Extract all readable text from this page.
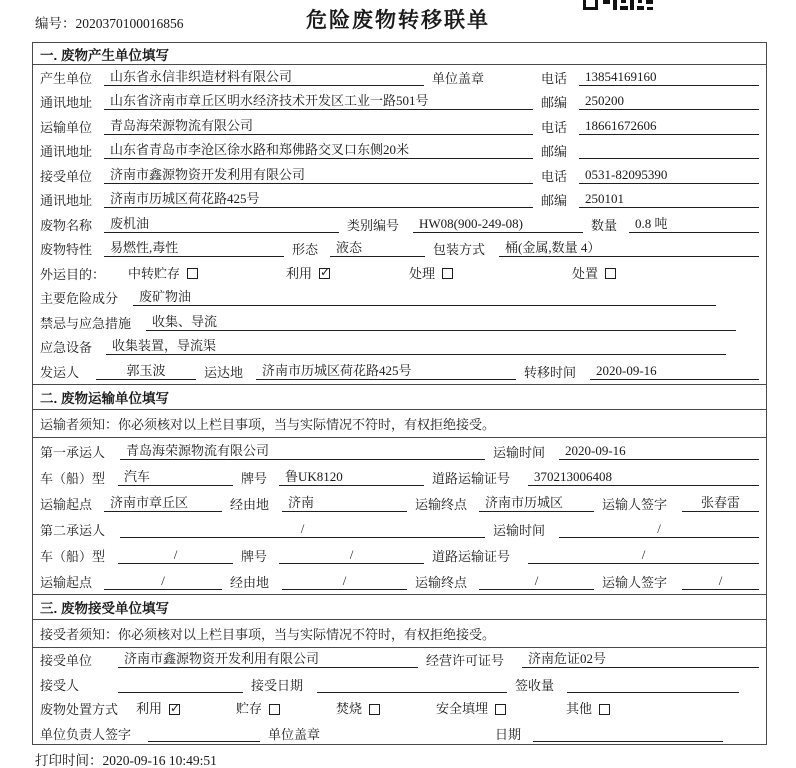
编号：2020370100016856	危险废物转移联单
一. 废物产生单位填写
产生单位	山东省永信非织造材料有限公司	单位盖章	电话	13854169160
通讯地址	山东省济南市章丘区明水经济技术开发区工业一路501号	邮编	250200
运输单位	青岛海荣源物流有限公司	电话	18661672606
通讯地址	山东省青岛市李沧区徐水路和郑佛路交叉口东侧20米	邮编
接受单位	济南市鑫源物资开发利用有限公司	电话	0531-82095390
通讯地址	济南市历城区荷花路425号	邮编	250101
废物名称	废机油	类别编号	HW08(900-249-08)	数量	0.8 吨
废物特性	易燃性,毒性	形态	液态	包装方式	桶(金属,数量 4）
外运目的：	中转贮存	利用 ✓	处理	处置
主要危险成分	废矿物油
禁忌与应急措施	收集、导流
应急设备	收集装置，导流渠
发运人	郭玉波	运达地	济南市历城区荷花路425号	转移时间	2020-09-16
二. 废物运输单位填写
运输者须知：你必须核对以上栏目事项，当与实际情况不符时，有权拒绝接受。
第一承运人	青岛海荣源物流有限公司	运输时间	2020-09-16
车（船）型	汽车	牌号	鲁UK8120	道路运输证号	370213006408
运输起点	济南市章丘区	经由地	济南	运输终点	济南市历城区	运输人签字	张春雷
第二承运人	/	运输时间	/
车（船）型	/	牌号	/	道路运输证号	/
运输起点	/	经由地	/	运输终点	/	运输人签字	/
三. 废物接受单位填写
接受者须知：你必须核对以上栏目事项，当与实际情况不符时，有权拒绝接受。
接受单位	济南市鑫源物资开发利用有限公司	经营许可证号	济南危证02号
接受人	接受日期	签收量
废物处置方式	利用 ✓	贮存	焚烧	安全填埋	其他
单位负责人签字	单位盖章	日期
打印时间：2020-09-16 10:49:51
